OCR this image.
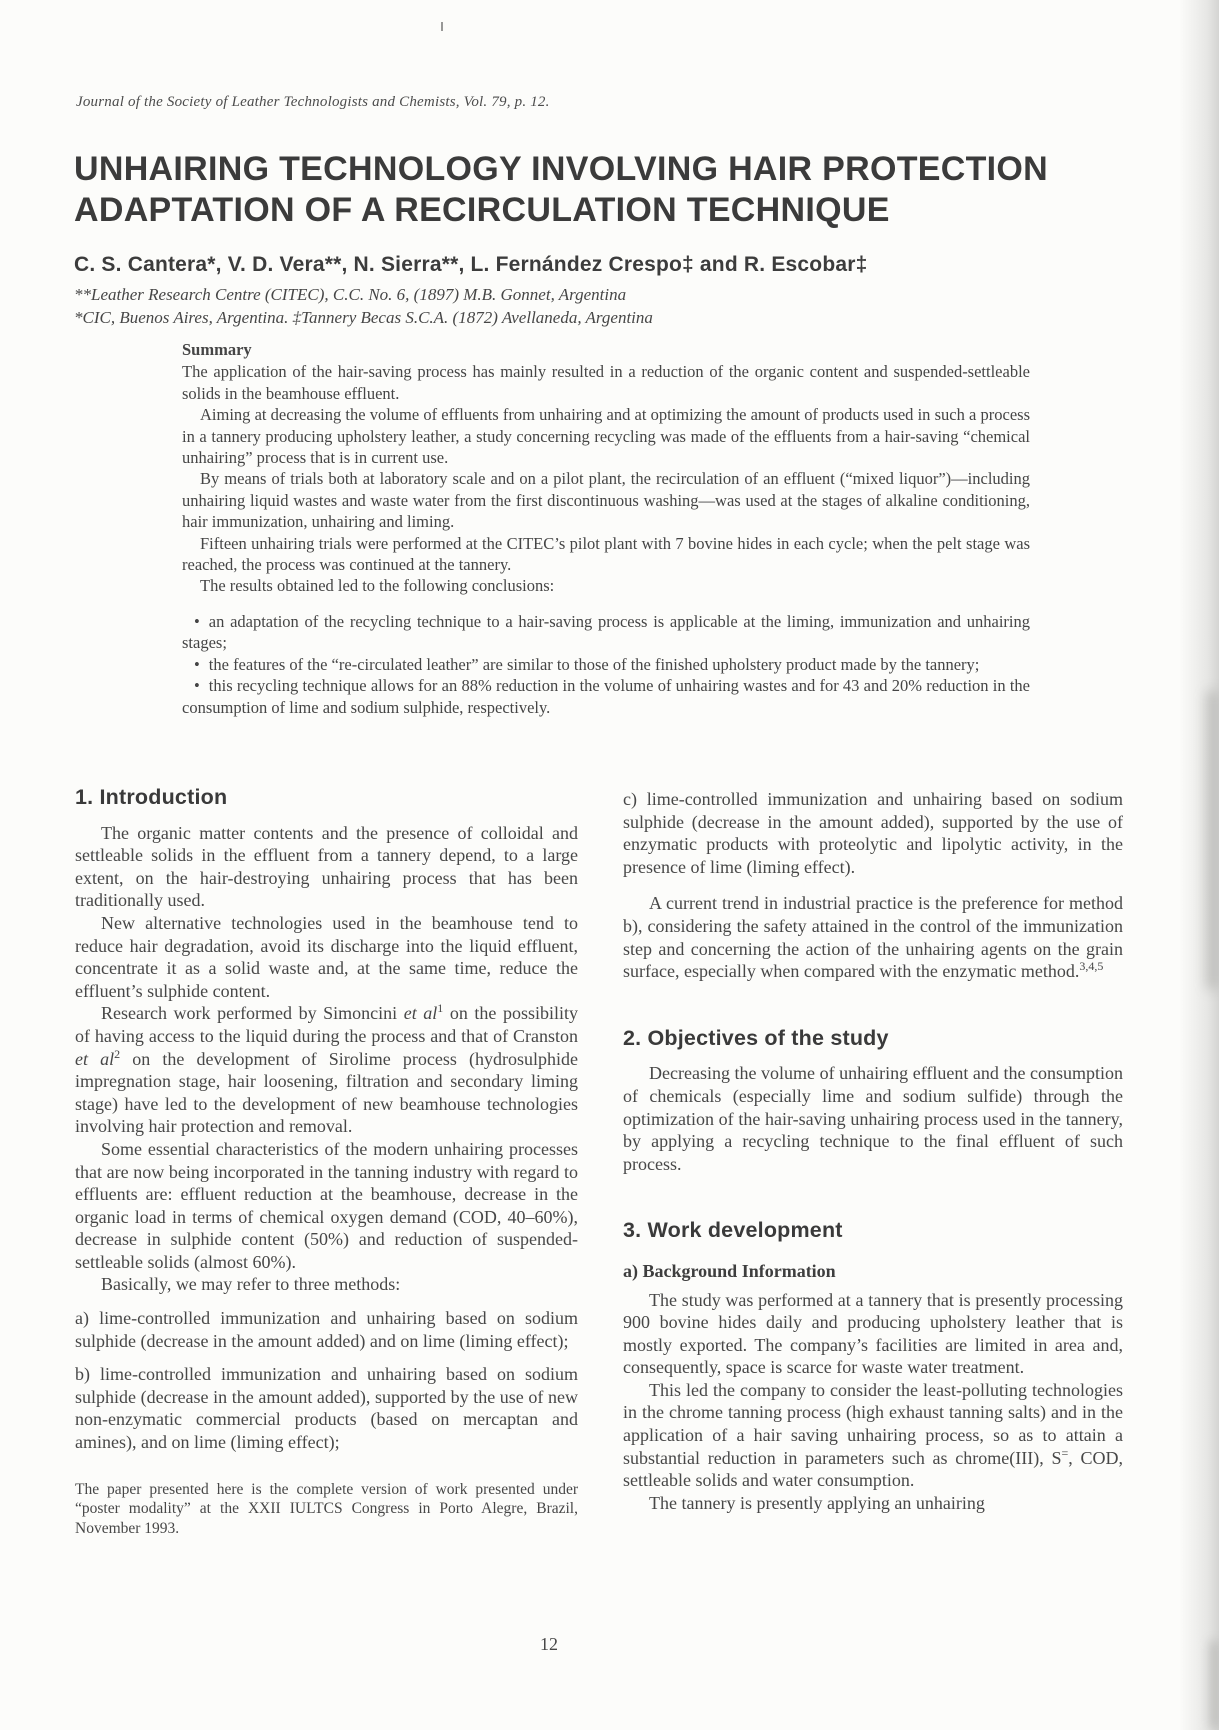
Journal of the Society of Leather Technologists and Chemists, Vol. 79, p. 12.
UNHAIRING TECHNOLOGY INVOLVING HAIR PROTECTION
ADAPTATION OF A RECIRCULATION TECHNIQUE
C. S. Cantera*, V. D. Vera**, N. Sierra**, L. Fernández Crespo‡ and R. Escobar‡
**Leather Research Centre (CITEC), C.C. No. 6, (1897) M.B. Gonnet, Argentina
*CIC, Buenos Aires, Argentina. ‡Tannery Becas S.C.A. (1872) Avellaneda, Argentina
Summary

The application of the hair-saving process has mainly resulted in a reduction of the organic content and suspended-settleable solids in the beamhouse effluent.

Aiming at decreasing the volume of effluents from unhairing and at optimizing the amount of products used in such a process in a tannery producing upholstery leather, a study concerning recycling was made of the effluents from a hair-saving “chemical unhairing” process that is in current use.

By means of trials both at laboratory scale and on a pilot plant, the recirculation of an effluent (“mixed liquor”)—including unhairing liquid wastes and waste water from the first discontinuous washing—was used at the stages of alkaline conditioning, hair immunization, unhairing and liming.

Fifteen unhairing trials were performed at the CITEC’s pilot plant with 7 bovine hides in each cycle; when the pelt stage was reached, the process was continued at the tannery.

The results obtained led to the following conclusions:

• an adaptation of the recycling technique to a hair-saving process is applicable at the liming, immunization and unhairing stages;

• the features of the “re-circulated leather” are similar to those of the finished upholstery product made by the tannery;

• this recycling technique allows for an 88% reduction in the volume of unhairing wastes and for 43 and 20% reduction in the consumption of lime and sodium sulphide, respectively.

1. Introduction

The organic matter contents and the presence of colloidal and settleable solids in the effluent from a tannery depend, to a large extent, on the hair-destroying unhairing process that has been traditionally used.

New alternative technologies used in the beamhouse tend to reduce hair degradation, avoid its discharge into the liquid effluent, concentrate it as a solid waste and, at the same time, reduce the effluent’s sulphide content.

Research work performed by Simoncini et $al^1$ on the possibility of having access to the liquid during the process and that of Cranston et $al^2$ on the development of Sirolime process (hydrosulphide impregnation stage, hair loosening, filtration and secondary liming stage) have led to the development of new beamhouse technologies involving hair protection and removal.

Some essential characteristics of the modern unhairing processes that are now being incorporated in the tanning industry with regard to effluents are: effluent reduction at the beamhouse, decrease in the organic load in terms of chemical oxygen demand (COD, 40–60%), decrease in sulphide content (50%) and reduction of suspended-settleable solids (almost 60%).

Basically, we may refer to three methods:

a) lime-controlled immunization and unhairing based on sodium sulphide (decrease in the amount added) and on lime (liming effect);

b) lime-controlled immunization and unhairing based on sodium sulphide (decrease in the amount added), supported by the use of new non-enzymatic commercial products (based on mercaptan and amines), and on lime (liming effect);

The paper presented here is the complete version of work presented under “poster modality” at the XXII IULTCS Congress in Porto Alegre, Brazil, November 1993.

c) lime-controlled immunization and unhairing based on sodium sulphide (decrease in the amount added), supported by the use of enzymatic products with proteolytic and lipolytic activity, in the presence of lime (liming effect).

A current trend in industrial practice is the preference for method b), considering the safety attained in the control of the immunization step and concerning the action of the unhairing agents on the grain surface, especially when compared with the enzymatic method.$^{3,4,5}$

2. Objectives of the study

Decreasing the volume of unhairing effluent and the consumption of chemicals (especially lime and sodium sulfide) through the optimization of the hair-saving unhairing process used in the tannery, by applying a recycling technique to the final effluent of such process.

3. Work development
a) Background Information

The study was performed at a tannery that is presently processing 900 bovine hides daily and producing upholstery leather that is mostly exported. The company’s facilities are limited in area and, consequently, space is scarce for waste water treatment.

This led the company to consider the least-polluting technologies in the chrome tanning process (high exhaust tanning salts) and in the application of a hair saving unhairing process, so as to attain a substantial reduction in parameters such as chrome(III), S=, COD, settleable solids and water consumption.

The tannery is presently applying an unhairing

12
